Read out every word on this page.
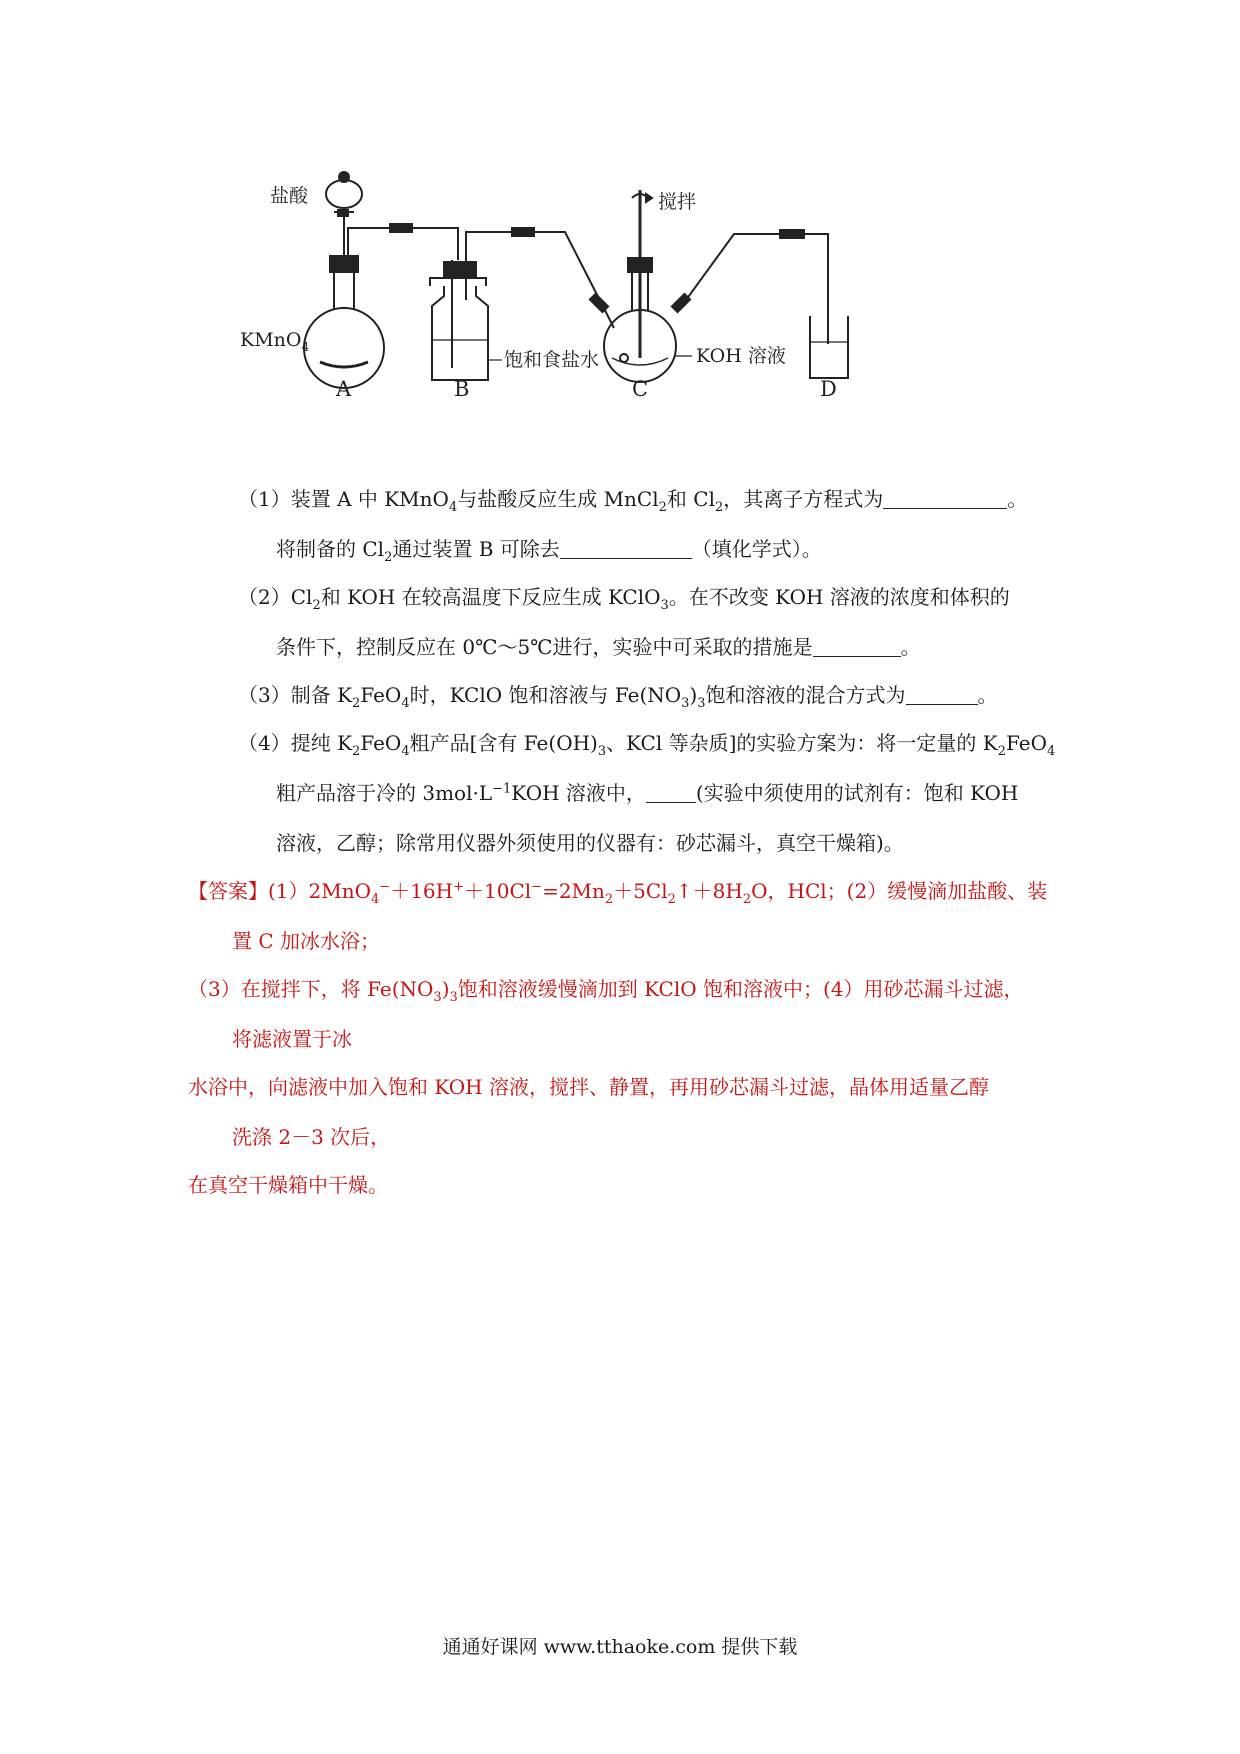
盐酸
KMnO$_4$
搅拌
饱和食盐水	KOH 溶液
A	B	C	D
（1）装置 A 中 KMnO$_4$与盐酸反应生成 MnCl$_2$和 $Cl_2$，其离子方程式为	。
将制备的 $Cl_2$通过装置 B 可除去	（填化学式）。
$(2)Cl_2$和 KOH 在较高温度下反应生成 KClO$_3$。在不改变 KOH 溶液的浓度和体积的
条件下，控制反应在 0℃～5℃进行，实验中可采取的措施是	。
（3）制备 $K_2FeO_4$时，KClO 饱和溶液与 $Fe(NO_3)_3$饱和溶液的混合方式为	。
（4）提纯 $K_2FeO_4$粗产品[含有 $Fe(OH)_3$、KCl 等杂质]的实验方案为：将一定量的 $K_2FeO_4$
粗产品溶于冷的 $3mol\cdot L^{-1}KOH$ 溶液中，	(实验中须使用的试剂有：饱和 KOH
溶液，乙醇；除常用仪器外须使用的仪器有：砂芯漏斗，真空干燥箱)。
【答案】$(1)2MnO_4^-+16H^++10Cl^-=2Mn_2+5Cl_2↑+8H_2O$，HCl；(2）缓慢滴加盐酸、装
置 C 加冰水浴；
（3）在搅拌下，将 $Fe(NO_3)_3$饱和溶液缓慢滴加到 KClO 饱和溶液中；(4）用砂芯漏斗过滤，
将滤液置于冰
水浴中，向滤液中加入饱和 KOH 溶液，搅拌、静置，再用砂芯漏斗过滤，晶体用适量乙醇
洗涤 2－3 次后，
在真空干燥箱中干燥。
通通好课网 www.tthaoke.com 提供下载
